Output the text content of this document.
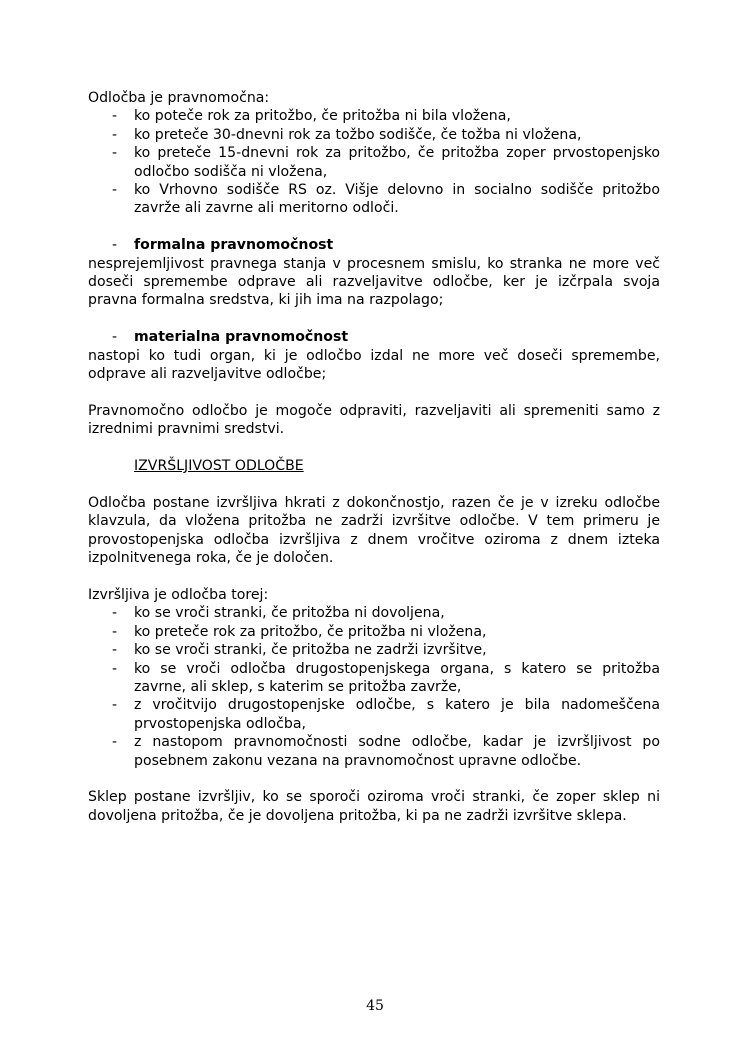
Odločba je pravnomočna:

- ko poteče rok za pritožbo, če pritožba ni bila vložena,
- ko preteče 30-dnevni rok za tožbo sodišče, če tožba ni vložena,
- ko preteče 15-dnevni rok za pritožbo, če pritožba zoper prvostopenjsko odločbo sodišča ni vložena,
- ko Vrhovno sodišče RS oz. Višje delovno in socialno sodišče pritožbo zavrže ali zavrne ali meritorno odloči.
- formalna pravnomočnost

nesprejemljivost pravnega stanja v procesnem smislu, ko stranka ne more več doseči spremembe odprave ali razveljavitve odločbe, ker je izčrpala svoja pravna formalna sredstva, ki jih ima na razpolago;

- materialna pravnomočnost

nastopi ko tudi organ, ki je odločbo izdal ne more več doseči spremembe, odprave ali razveljavitve odločbe;

Pravnomočno odločbo je mogoče odpraviti, razveljaviti ali spremeniti samo z izrednimi pravnimi sredstvi.

IZVRŠLJIVOST ODLOČBE

Odločba postane izvršljiva hkrati z dokončnostjo, razen če je v izreku odločbe klavzula, da vložena pritožba ne zadrži izvršitve odločbe. V tem primeru je provostopenjska odločba izvršljiva z dnem vročitve oziroma z dnem izteka izpolnitvenega roka, če je določen.

Izvršljiva je odločba torej:

- ko se vroči stranki, če pritožba ni dovoljena,
- ko preteče rok za pritožbo, če pritožba ni vložena,
- ko se vroči stranki, če pritožba ne zadrži izvršitve,
- ko se vroči odločba drugostopenjskega organa, s katero se pritožba zavrne, ali sklep, s katerim se pritožba zavrže,
- z vročitvijo drugostopenjske odločbe, s katero je bila nadomeščena prvostopenjska odločba,
- z nastopom pravnomočnosti sodne odločbe, kadar je izvršljivost po posebnem zakonu vezana na pravnomočnost upravne odločbe.

Sklep postane izvršljiv, ko se sporoči oziroma vroči stranki, če zoper sklep ni dovoljena pritožba, če je dovoljena pritožba, ki pa ne zadrži izvršitve sklepa.

45
